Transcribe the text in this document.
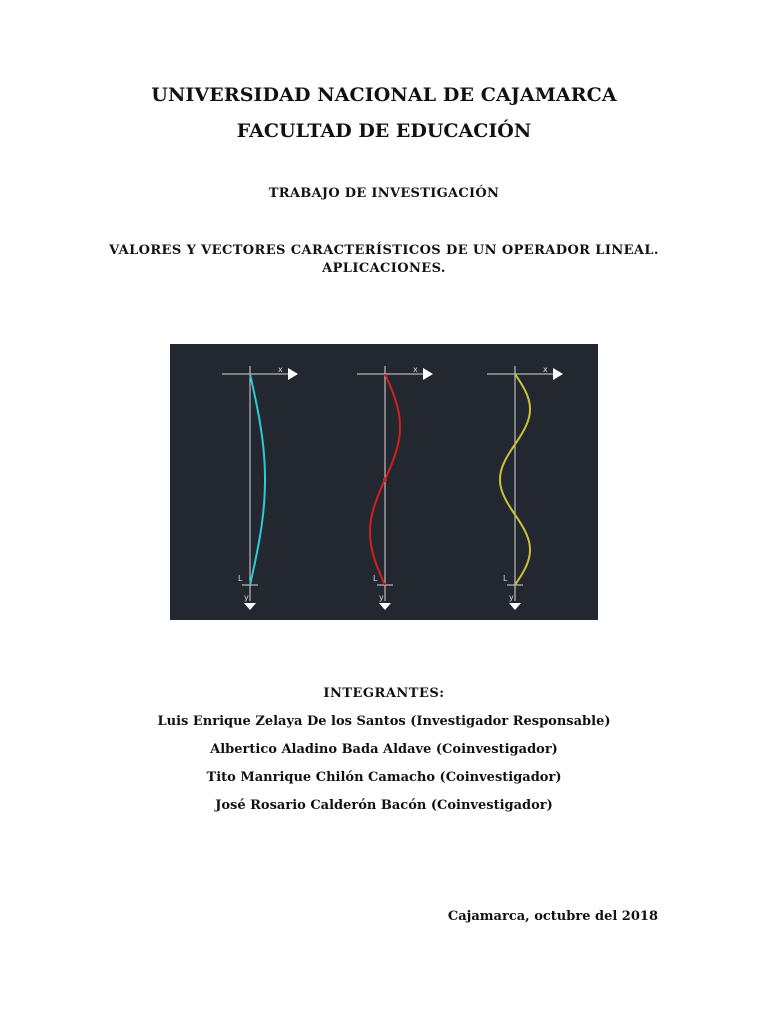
UNIVERSIDAD NACIONAL DE CAJAMARCA
FACULTAD DE EDUCACIÓN
TRABAJO DE INVESTIGACIÓN
VALORES Y VECTORES CARACTERÍSTICOS DE UN OPERADOR LINEAL.
APLICACIONES.
x
y
L
x
y
L
x
y
L
INTEGRANTES:
Luis Enrique Zelaya De los Santos (Investigador Responsable)
Albertico Aladino Bada Aldave (Coinvestigador)
Tito Manrique Chilón Camacho (Coinvestigador)
José Rosario Calderón Bacón (Coinvestigador)
Cajamarca, octubre del 2018
